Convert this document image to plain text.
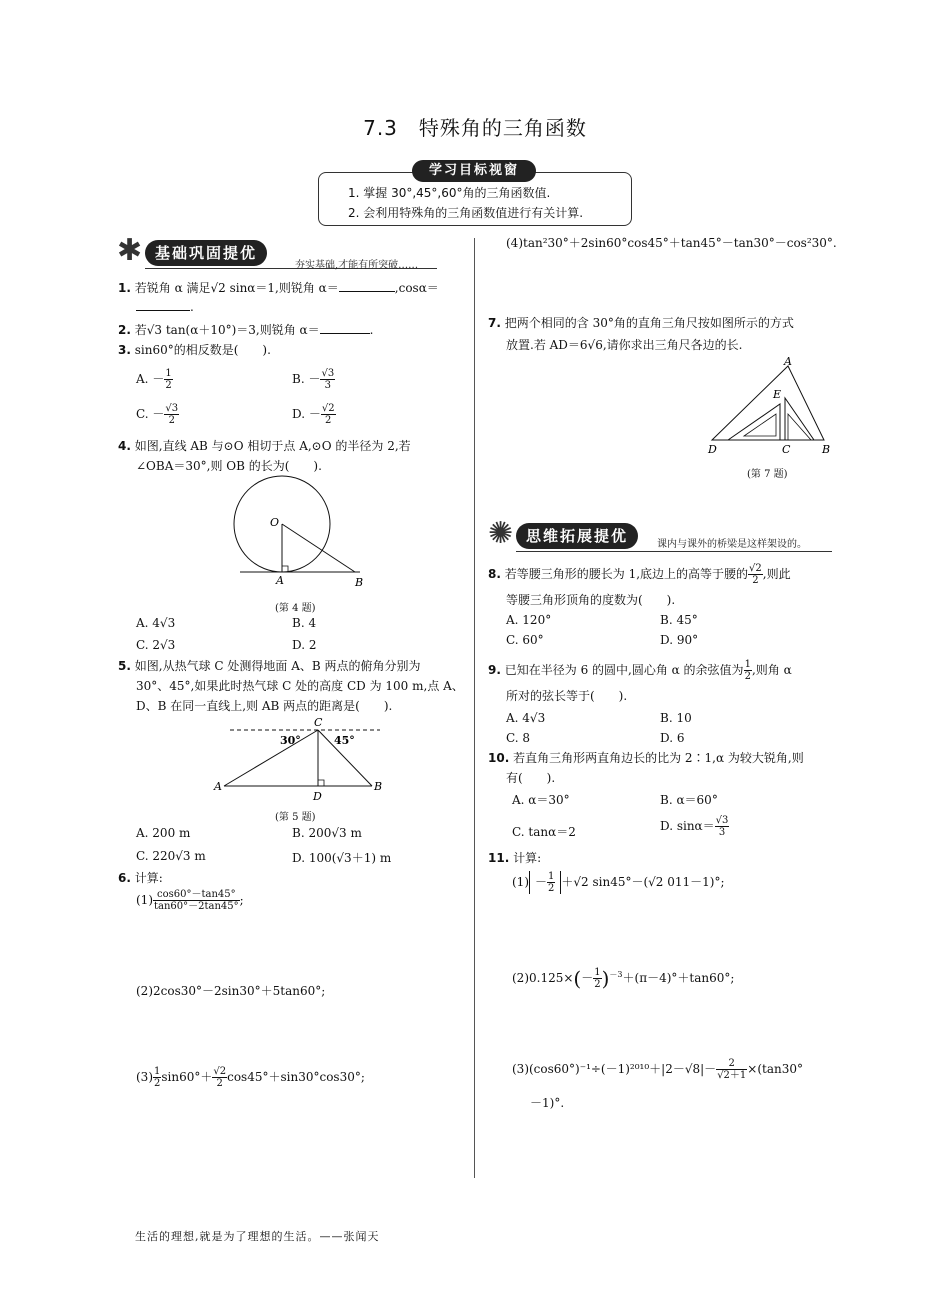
7.3　特殊角的三角函数
学习目标视窗
1. 掌握 30°,45°,60°角的三角函数值.
2. 会利用特殊角的三角函数值进行有关计算.
✱ 基础巩固提优
夯实基础,才能有所突破……
1. 若锐角 α 满足√2 sinα＝1,则锐角 α＝	,cosα＝
.
2. 若√3 tan(α＋10°)＝3,则锐角 α＝	.
3. sin60°的相反数是(　　).
A. － $\frac{1}{2}$	B. － $\frac{√3}{3}$
C. － $\frac{√3}{2}$	D. － $\frac{√2}{2}$
4. 如图,直线 AB 与⊙O 相切于点 A,⊙O 的半径为 2,若
∠OBA＝30°,则 OB 的长为(　　).
O
A	B
(第 4 题)
A. 4√3	B. 4
C. 2√3	D. 2
5. 如图,从热气球 C 处测得地面 A、B 两点的俯角分别为
30°、45°,如果此时热气球 C 处的高度 CD 为 100 m,点 A、
D、B 在同一直线上,则 AB 两点的距离是(　　).
C
A	B
D
30°	45°
(第 5 题)
A. 200 m	B. 200√3 m
C. 220√3 m	D. 100(√3＋1) m
6. 计算:
$(1) \frac{\cos 60^\circ-\tan 45^\circ}{\tan 60^\circ-2\tan 45^\circ}$ ;
(2)2cos30°－2sin30°＋5tan60°;
$(3) \frac{1}{2} \sin 60^\circ+ \frac{√2}{2} \cos 45^\circ+\sin 30^\circ\cos 30^\circ$;
(4)tan²30°＋2sin60°cos45°＋tan45°－tan30°－cos²30°.
7. 把两个相同的含 30°角的直角三角尺按如图所示的方式
放置.若 AD＝6√6,请你求出三角尺各边的长.
A
E
D	C	B
(第 7 题)
✺ 思维拓展提优	课内与课外的桥梁是这样架设的。
8. 若等腰三角形的腰长为 1,底边上的高等于腰的 $\frac{√2}{2}$ ,则此
等腰三角形顶角的度数为(　　).
A. 120°	B. 45°
C. 60°	D. 90°
9. 已知在半径为 6 的圆中,圆心角 α 的余弦值为 $\frac{1}{2}$ ,则角 α
所对的弦长等于(　　).
A. 4√3	B. 10
C. 8	D. 6
10. 若直角三角形两直角边长的比为 2∶1,α 为较大锐角,则
有(　　).
A. α＝30°	B. α＝60°
C. tanα＝2	D. $\sin\alpha= \frac{√3}{3}$
11. 计算:
$(1) - \frac{1}{2} +√2$ sin45°－(√2 011－1)°;
$(2)0.125\times(- \frac{1}{2} )^{-3}+(\pi-4)^\circ+\tan 60^\circ$;
$(3)(\cos 60^\circ)^{-1}\div(-1)^{2010}+|2-√8|- \frac{2}{√2+1} \times(\tan 30^\circ$
－1)°.
生活的理想,就是为了理想的生活。——张闻天
